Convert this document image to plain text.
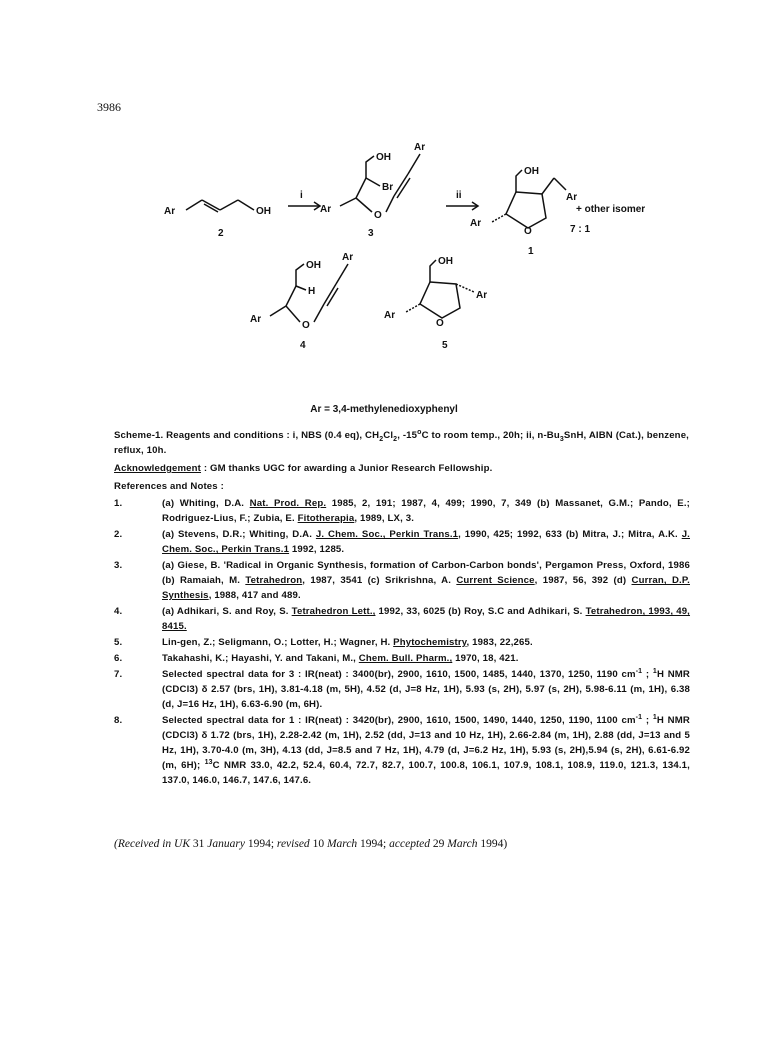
3986
Ar	OH
2
i	ii
OH
Br
O
Ar
Ar
3
OH
Ar
Ar
O
+ other isomer
7 : 1
1
OH
H
O
Ar
Ar
4
OH
Ar
Ar
O
5
Ar = 3,4-methylenedioxyphenyl
Scheme-1. Reagents and conditions : i, NBS (0.4 eq), $CH_2Cl_2$, -15$^o$C to room temp., 20h; ii, $n-Bu_3SnH$, AIBN (Cat.), benzene, reflux, 10h.
Acknowledgement : GM thanks UGC for awarding a Junior Research Fellowship.
References and Notes :
1.	(a) Whiting, D.A. Nat. Prod. Rep. 1985, 2, 191; 1987, 4, 499; 1990, 7, 349 (b) Massanet, G.M.; Pando, E.; Rodriguez-Lius, F.; Zubia, E. Fitotherapia, 1989, LX, 3.
2.	(a) Stevens, D.R.; Whiting, D.A. J. Chem. Soc., Perkin Trans.1, 1990, 425; 1992, 633 (b) Mitra, J.; Mitra, A.K. J. Chem. Soc., Perkin Trans.1 1992, 1285.
3.	(a) Giese, B. 'Radical in Organic Synthesis, formation of Carbon-Carbon bonds', Pergamon Press, Oxford, 1986 (b) Ramaiah, M. Tetrahedron, 1987, 3541 (c) Srikrishna, A. Current Science, 1987, 56, 392 (d) Curran, D.P. Synthesis, 1988, 417 and 489.
4.	(a) Adhikari, S. and Roy, S. Tetrahedron Lett., 1992, 33, 6025 (b) Roy, S.C and Adhikari, S. Tetrahedron, 1993, 49, 8415.
5.	Lin-gen, Z.; Seligmann, O.; Lotter, H.; Wagner, H. Phytochemistry, 1983, 22,265.
6.	Takahashi, K.; Hayashi, Y. and Takani, M., Chem. Bull. Pharm., 1970, 18, 421.
7.	Selected spectral data for 3 : IR(neat) : 3400(br), 2900, 1610, 1500, 1485, 1440, 1370, 1250, 1190 $cm^{-1}$ ; $^1$H NMR (CDCl3) δ 2.57 (brs, 1H), 3.81-4.18 (m, 5H), 4.52 (d, J=8 Hz, 1H), 5.93 (s, 2H), 5.97 (s, 2H), 5.98-6.11 (m, 1H), 6.38 (d, J=16 Hz, 1H), 6.63-6.90 (m, 6H).
8.	Selected spectral data for 1 : IR(neat) : 3420(br), 2900, 1610, 1500, 1490, 1440, 1250, 1190, 1100 $cm^{-1}$ ; $^1$H NMR (CDCl3) δ 1.72 (brs, 1H), 2.28-2.42 (m, 1H), 2.52 (dd, J=13 and 10 Hz, 1H), 2.66-2.84 (m, 1H), 2.88 (dd, J=13 and 5 Hz, 1H), 3.70-4.0 (m, 3H), 4.13 (dd, J=8.5 and 7 Hz, 1H), 4.79 (d, J=6.2 Hz, 1H), 5.93 (s, 2H),5.94 (s, 2H), 6.61-6.92 (m, 6H); $^{13}$C NMR 33.0, 42.2, 52.4, 60.4, 72.7, 82.7, 100.7, 100.8, 106.1, 107.9, 108.1, 108.9, 119.0, 121.3, 134.1, 137.0, 146.0, 146.7, 147.6, 147.6.
(Received in UK 31 January 1994; revised 10 March 1994; accepted 29 March 1994)
